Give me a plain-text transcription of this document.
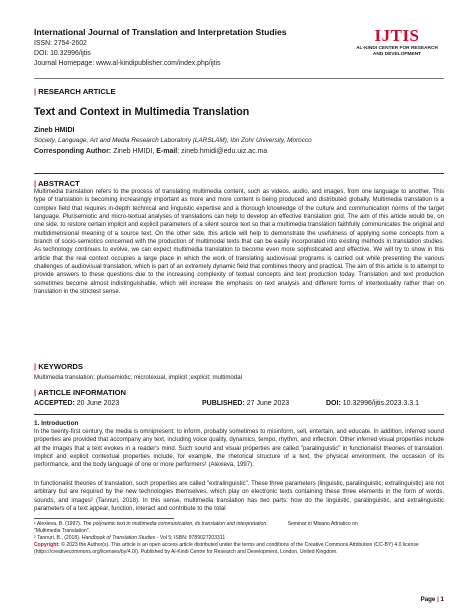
International Journal of Translation and Interpretation Studies
ISSN: 2754-2602
DOI: 10.32996/ijtis
Journal Homepage: www.al-kindipublisher.com/index.php/ijtis
IJTIS
AL-KINDI CENTER FOR RESEARCH
AND DEVELOPMENT
| RESEARCH ARTICLE
Text and Context in Multimedia Translation
Zineb HMIDI
Society, Language, Art and Media Research Laboratory (LARSLAM), Ibn Zohr University, Morocco
Corresponding Author: Zineb HMIDI, E-mail: zineb.hmidi@edu.uiz.ac.ma
| ABSTRACT
Multimedia translation refers to the process of translating multimedia content, such as videos, audio, and images, from one language to another. This type of translation is becoming increasingly important as more and more content is being produced and distributed globally. Multimedia translation is a complex field that requires in-depth technical and linguistic expertise and a thorough knowledge of the culture and communication norms of the target language. Plurisemiotic and micro-textual analyses of translations can help to develop an effective translation grid. The aim of this article would be, on one side, to restore certain implicit and explicit parameters of a silent source text so that a multimedia translation faithfully communicates the original and multidimensional meaning of a source text. On the other side, this article will help to demonstrate the usefulness of applying some concepts from a branch of socio-semiotics concerned with the production of multimodal texts that can be easily incorporated into existing methods in translation studies. As technology continues to evolve, we can expect multimedia translation to become even more sophisticated and effective. We will try to show in this article that the real context occupies a large place in which the work of translating audiovisual programs is carried out while presenting the various challenges of audiovisual translation, which is part of an extremely dynamic field that combines theory and practical. The aim of this article is to attempt to provide answers to these questions due to the increasing complexity of textual concepts and text production today. Translation and text production sometimes become almost indistinguishable, which will increase the emphasis on text analysis and different forms of intertextuality rather than on translation in the strictest sense.
| KEYWORDS
Multimedia translation; plurisemiotic; microtexual, implicit ;explicit; multimodal
| ARTICLE INFORMATION
ACCEPTED: 20 June 2023	PUBLISHED: 27 June 2023	DOI: 10.32996/ijtis.2023.3.3.1
1. Introduction
In the twenty-first century, the media is omnipresent: to inform, probably sometimes to misinform, sell, entertain, and educate. In addition, inferred sound properties are provided that accompany any text, including voice quality, dynamics, tempo, rhythm, and inflection. Other inferred visual properties include all the images that a text evokes in a reader's mind. Such sound and visual properties are called "paralinguistic" in functionalist theories of translation. Implicit and explicit contextual properties include, for example, the rhetorical structure of a text, the physical environment, the occasion of its performance, and the body language of one or more performers¹ (Alexieva, 1997).
In functionalist theories of translation, such properties are called "extralinguistic". These three parameters (linguistic, paralinguistic, extralinguistic) are not arbitrary but are required by the new technologies themselves, which play on electronic texts containing these three elements in the form of words, sounds, and images² (Tannuri, 2018). In this sense, multimedia translation has two parts: how do the linguistic, paralinguistic, and extralinguistic parameters of a text appear, function, interact and contribute to the total
¹ Alexieva, B. (1997). The polysemic text in multimedia communication, its translation and interpretation.	Seminar in Misano Adriatico on
"Multimedia Translation".
² Tannuri, B., (2018). Handbook of Translation Studies - Vol 5; ISBN: 9789027203311
Copyright: © 2023 the Author(s). This article is an open access article distributed under the terms and conditions of the Creative Commons Attribution (CC-BY) 4.0 license (https://creativecommons.org/licenses/by/4.0/). Published by Al-Kindi Centre for Research and Development, London, United Kingdom.
Page | 1
